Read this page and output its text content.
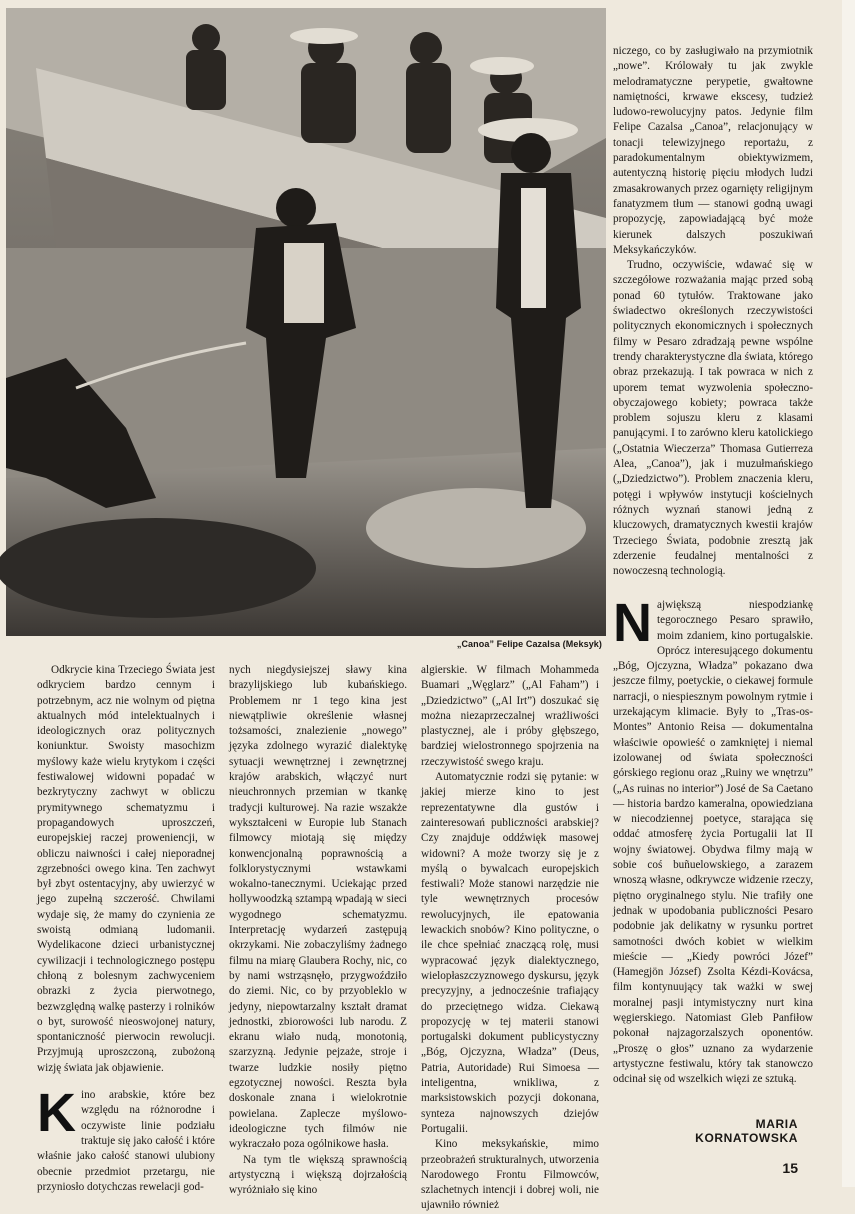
„Canoa” Felipe Cazalsa (Meksyk)

Odkrycie kina Trzeciego Świata jest odkryciem bardzo cennym i potrzebnym, acz nie wolnym od piętna aktualnych mód intelektualnych i ideologicznych oraz politycznych koniunktur. Swoisty masochizm myślowy każe wielu krytykom i części festiwalowej widowni popadać w bezkrytyczny zachwyt w obliczu prymitywnego schematyzmu i propagandowych uproszczeń, europejskiej raczej proweniencji, w obliczu naiwności i całej nieporadnej zgrzebności owego kina. Ten zachwyt był zbyt ostentacyjny, aby uwierzyć w jego zupełną szczerość. Chwilami wydaje się, że mamy do czynienia ze swoistą odmianą ludomanii. Wydelikacone dzieci urbanistycznej cywilizacji i technologicznego postępu chłoną z bolesnym zachwyceniem obrazki z życia pierwotnego, bezwzględną walkę pasterzy i rolników o byt, surowość nieoswojonej natury, spontaniczność pierwocin rewolucji. Przyjmują uproszczoną, zubożoną wizję świata jak objawienie.

Kino arabskie, które bez względu na różnorodne i oczywiste linie podziału traktuje się jako całość i które właśnie jako całość stanowi ulubiony obecnie przedmiot przetargu, nie przyniosło dotychczas rewelacji god-

nych niegdysiejszej sławy kina brazylijskiego lub kubańskiego. Problemem nr 1 tego kina jest niewątpliwie określenie własnej tożsamości, znalezienie „nowego” języka zdolnego wyrazić dialektykę sytuacji wewnętrznej i zewnętrznej krajów arabskich, włączyć nurt nieuchronnych przemian w tkankę tradycji kulturowej. Na razie wszakże wykształceni w Europie lub Stanach filmowcy miotają się między konwencjonalną poprawnością a folklorystycznymi wstawkami wokalno-tanecznymi. Uciekając przed hollywoodzką sztampą wpadają w sieci wygodnego schematyzmu. Interpretację wydarzeń zastępują okrzykami. Nie zobaczyliśmy żadnego filmu na miarę Glaubera Rochy, nic, co by nami wstrząsnęło, przygwoździło do ziemi. Nic, co by przyobleklo w jedyny, niepowtarzalny kształt dramat jednostki, zbiorowości lub narodu. Z ekranu wiało nudą, monotonią, szarzyzną. Jedynie pejzaże, stroje i twarze ludzkie nosiły piętno egzotycznej nowości. Reszta była doskonale znana i wielokrotnie powielana. Zaplecze myślowo-ideologiczne tych filmów nie wykraczało poza ogólnikowe hasła.

Na tym tle większą sprawnością artystyczną i większą dojrzałością wyróżniało się kino

algierskie. W filmach Mohammeda Buamari „Węglarz” („Al Faham”) i „Dziedzictwo” („Al Irt”) doszukać się można niezaprzeczalnej wrażliwości plastycznej, ale i próby głębszego, bardziej wielostronnego spojrzenia na rzeczywistość swego kraju.

Automatycznie rodzi się pytanie: w jakiej mierze kino to jest reprezentatywne dla gustów i zainteresowań publiczności arabskiej? Czy znajduje oddźwięk masowej widowni? A może tworzy się je z myślą o bywalcach europejskich festiwali? Może stanowi narzędzie nie tyle wewnętrznych procesów rewolucyjnych, ile epatowania lewackich snobów? Kino polityczne, o ile chce spełniać znaczącą rolę, musi wypracować język dialektycznego, wielopłaszczyznowego dyskursu, język precyzyjny, a jednocześnie trafiający do przeciętnego widza. Ciekawą propozycję w tej materii stanowi portugalski dokument publicystyczny „Bóg, Ojczyzna, Władza” (Deus, Patria, Autoridade) Rui Simoesa — inteligentna, wnikliwa, z marksistowskich pozycji dokonana, synteza najnowszych dziejów Portugalii.

Kino meksykańskie, mimo przeobrażeń strukturalnych, utworzenia Narodowego Frontu Filmowców, szlachetnych intencji i dobrej woli, nie ujawniło również

niczego, co by zasługiwało na przymiotnik „nowe”. Królowały tu jak zwykle melodramatyczne perypetie, gwałtowne namiętności, krwawe ekscesy, tudzież ludowo-rewolucyjny patos. Jedynie film Felipe Cazalsa „Canoa”, relacjonujący w tonacji telewizyjnego reportażu, z paradokumentalnym obiektywizmem, autentyczną historię pięciu młodych ludzi zmasakrowanych przez ogarnięty religijnym fanatyzmem tłum — stanowi godną uwagi propozycję, zapowiadającą być może kierunek dalszych poszukiwań Meksykańczyków.

Trudno, oczywiście, wdawać się w szczegółowe rozważania mając przed sobą ponad 60 tytułów. Traktowane jako świadectwo określonych rzeczywistości politycznych ekonomicznych i społecznych filmy w Pesaro zdradzają pewne wspólne trendy charakterystyczne dla świata, którego obraz przekazują. I tak powraca w nich z uporem temat wyzwolenia społeczno-obyczajowego kobiety; powraca także problem sojuszu kleru z klasami panującymi. I to zarówno kleru katolickiego („Ostatnia Wieczerza” Thomasa Gutierreza Alea, „Canoa”), jak i muzułmańskiego („Dziedzictwo”). Problem znaczenia kleru, potęgi i wpływów instytucji kościelnych różnych wyznań stanowi jedną z kluczowych, dramatycznych kwestii krajów Trzeciego Świata, podobnie zresztą jak zderzenie feudalnej mentalności z nowoczesną technologią.

Największą niespodziankę tegorocznego Pesaro sprawiło, moim zdaniem, kino portugalskie. Oprócz interesującego dokumentu „Bóg, Ojczyzna, Władza” pokazano dwa jeszcze filmy, poetyckie, o ciekawej formule narracji, o niespiesznym powolnym rytmie i urzekającym klimacie. Były to „Tras-os-Montes” Antonio Reisa — dokumentalna właściwie opowieść o zamkniętej i niemal izolowanej od świata społeczności górskiego regionu oraz „Ruiny we wnętrzu” („As ruinas no interior”) José de Sa Caetano — historia bardzo kameralna, opowiedziana w niecodziennej poetyce, starająca się oddać atmosferę życia Portugalii lat II wojny światowej. Obydwa filmy mają w sobie coś buñuelowskiego, a zarazem wnoszą własne, odkrywcze widzenie rzeczy, piętno oryginalnego stylu. Nie trafiły one jednak w upodobania publiczności Pesaro podobnie jak delikatny w rysunku portret samotności dwóch kobiet w wielkim mieście — „Kiedy powróci Józef” (Hamegjön József) Zsolta Kézdi-Kovácsa, film kontynuujący tak ważki w swej moralnej pasji intymistyczny nurt kina węgierskiego. Natomiast Gleb Panfiłow pokonał najzagorzalszych oponentów. „Proszę o głos” uznano za wydarzenie artystyczne festiwalu, który tak stanowczo odcinał się od wszelkich więzi ze sztuką.

MARIA KORNATOWSKA
15
